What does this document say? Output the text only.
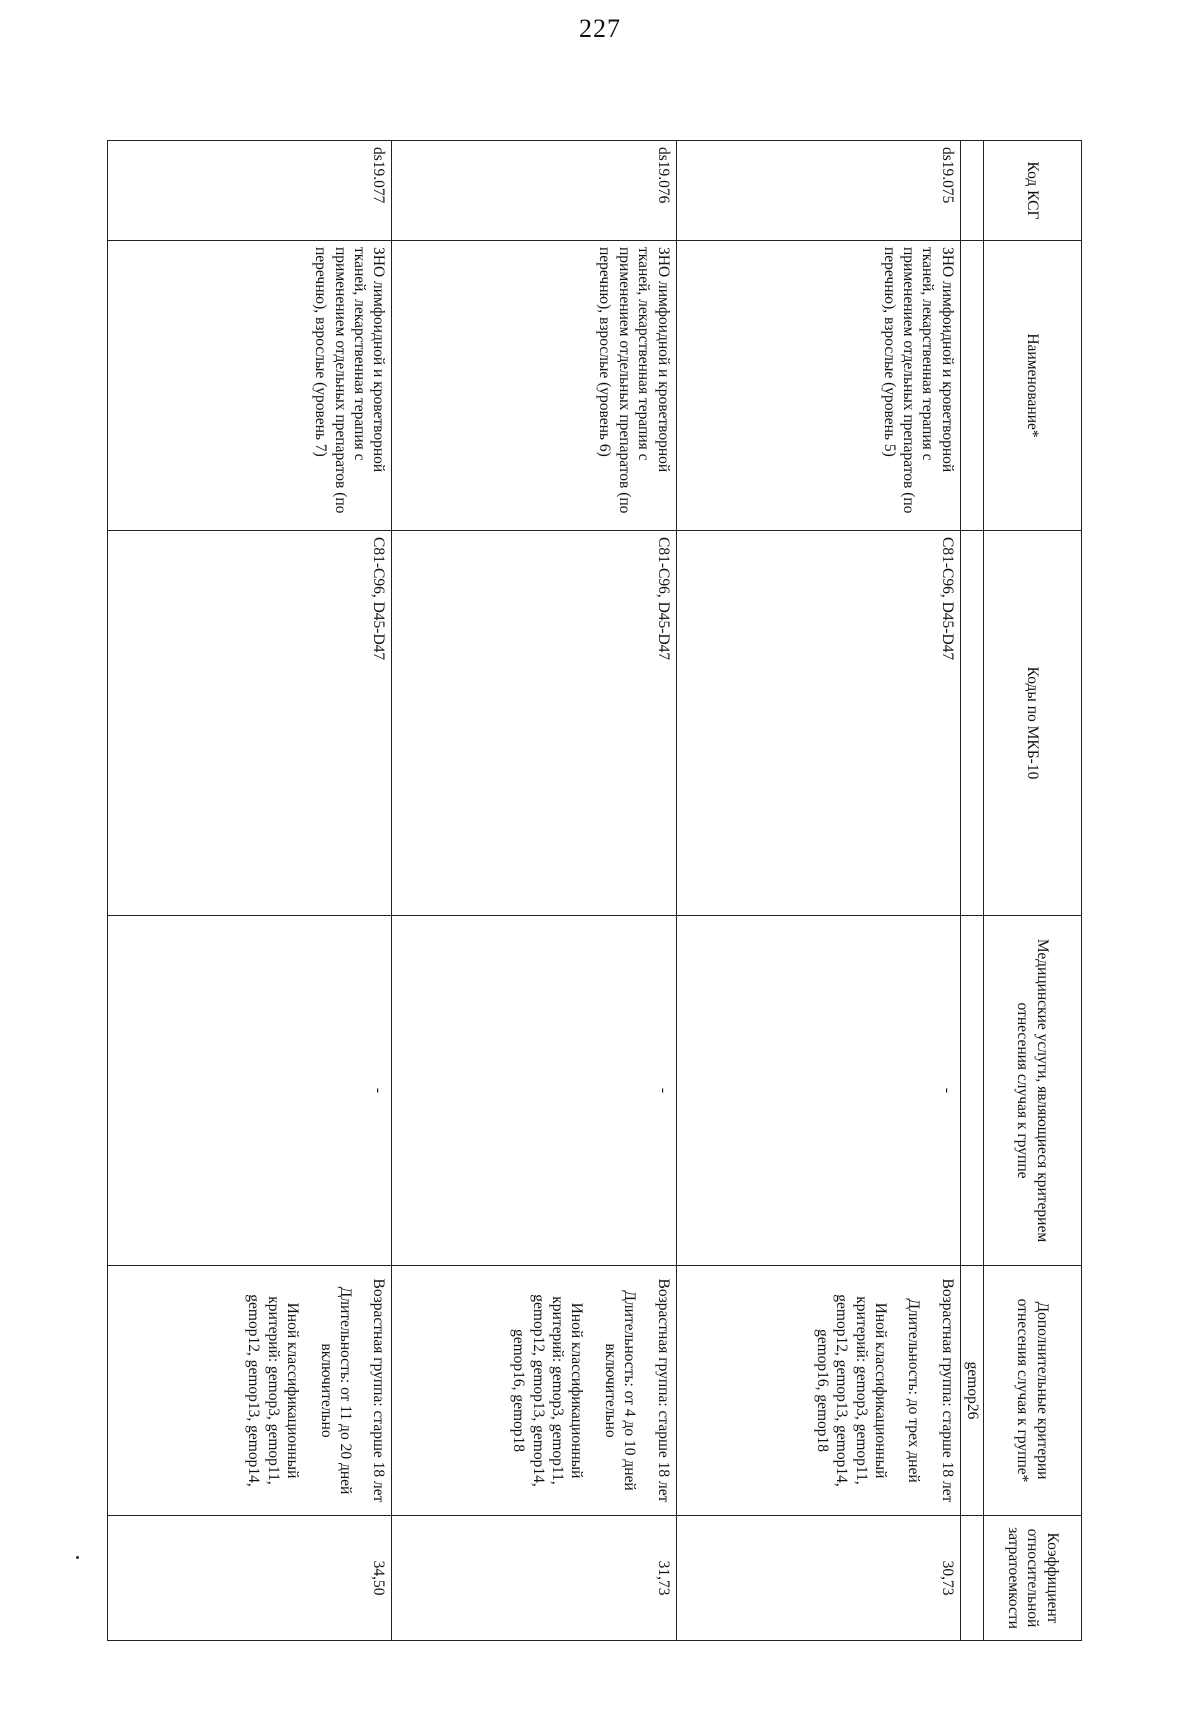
227
Код КСГ	Наименование*	Коды по МКБ-10	Медицинские услуги, являющиеся критерием отнесения случая к группе	Дополнительные критерии отнесения случая к группе*	Коэффициент относительной затратоемкости
				gemop26	
ds19.075	ЗНО лимфоидной и кроветворной тканей, лекарственная терапия с применением отдельных препаратов (по перечню), взрослые (уровень 5)	C81-C96, D45-D47	-	Возрастная группа: старше 18 лет

Длительность: до трех дней

Иной классификационный критерий: gemop3, gemop11, gemop12, gemop13, gemop14, gemop16, gemop18	30,73
ds19.076	ЗНО лимфоидной и кроветворной тканей, лекарственная терапия с применением отдельных препаратов (по перечню), взрослые (уровень 6)	C81-C96, D45-D47	-	Возрастная группа: старше 18 лет

Длительность: от 4 до 10 дней включительно

Иной классификационный критерий: gemop3, gemop11, gemop12, gemop13, gemop14, gemop16, gemop18	31,73
ds19.077	ЗНО лимфоидной и кроветворной тканей, лекарственная терапия с применением отдельных препаратов (по перечню), взрослые (уровень 7)	C81-C96, D45-D47	-	Возрастная группа: старше 18 лет

Длительность: от 11 до 20 дней включительно

Иной классификационный критерий: gemop3, gemop11, gemop12, gemop13, gemop14,	34,50
